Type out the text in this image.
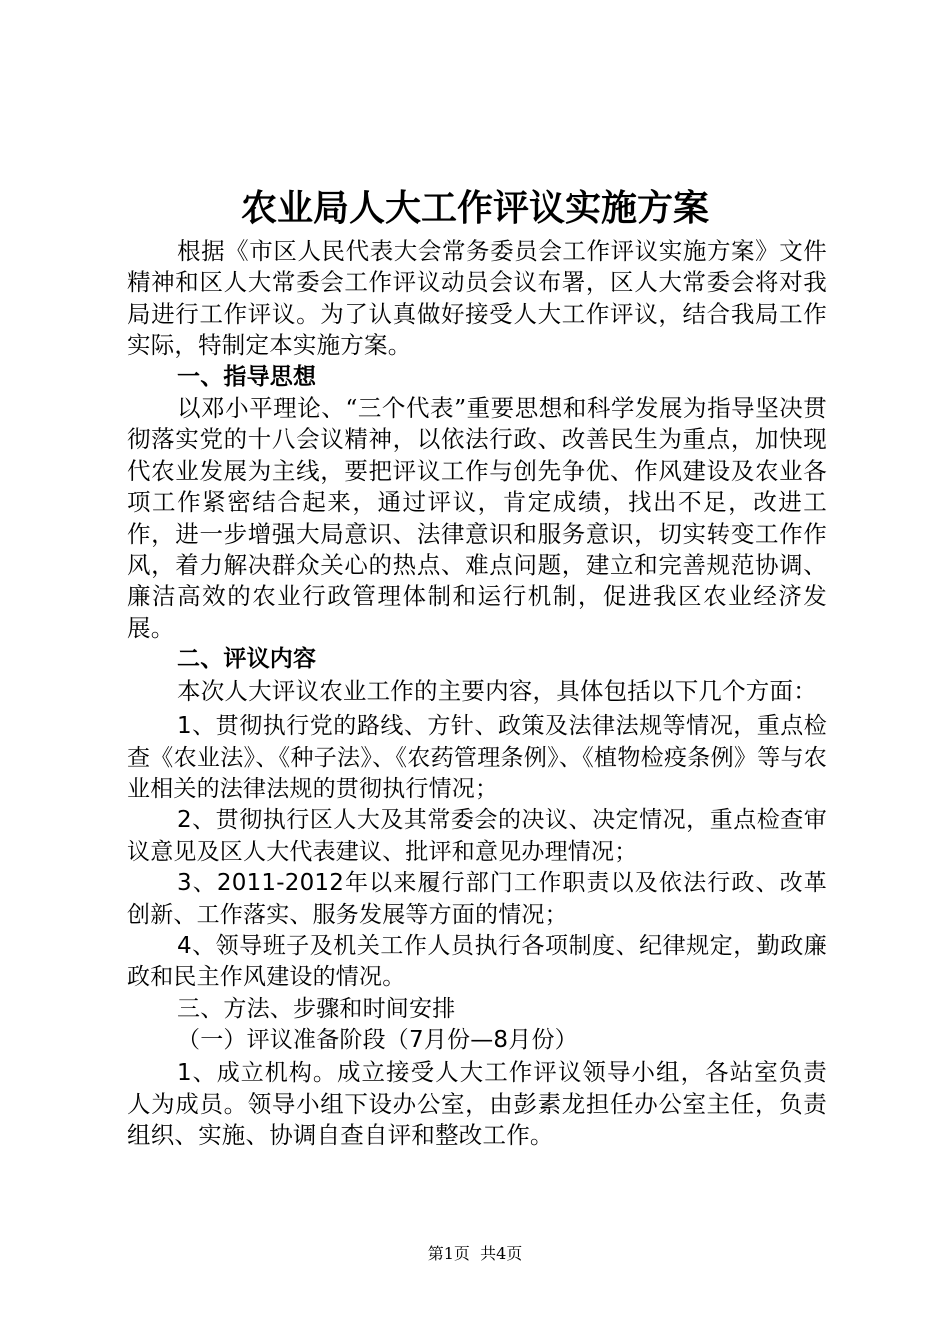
农业局人大工作评议实施方案

根据《市区人民代表大会常务委员会工作评议实施方案》文件精神和区人大常委会工作评议动员会议布署，区人大常委会将对我局进行工作评议。为了认真做好接受人大工作评议，结合我局工作实际，特制定本实施方案。

一、指导思想

以邓小平理论、“三个代表”重要思想和科学发展为指导坚决贯彻落实党的十八会议精神，以依法行政、改善民生为重点，加快现代农业发展为主线，要把评议工作与创先争优、作风建设及农业各项工作紧密结合起来，通过评议，肯定成绩，找出不足，改进工作，进一步增强大局意识、法律意识和服务意识，切实转变工作作风，着力解决群众关心的热点、难点问题，建立和完善规范协调、廉洁高效的农业行政管理体制和运行机制，促进我区农业经济发展。

二、评议内容

本次人大评议农业工作的主要内容，具体包括以下几个方面：

1、贯彻执行党的路线、方针、政策及法律法规等情况，重点检查《农业法》、《种子法》、《农药管理条例》、《植物检疫条例》等与农业相关的法律法规的贯彻执行情况；

2、贯彻执行区人大及其常委会的决议、决定情况，重点检查审议意见及区人大代表建议、批评和意见办理情况；

3、2011-2012年以来履行部门工作职责以及依法行政、改革创新、工作落实、服务发展等方面的情况；

4、领导班子及机关工作人员执行各项制度、纪律规定，勤政廉政和民主作风建设的情况。

三、方法、步骤和时间安排

（一）评议准备阶段（7月份—8月份）

1、成立机构。成立接受人大工作评议领导小组，各站室负责人为成员。领导小组下设办公室，由彭素龙担任办公室主任，负责组织、实施、协调自查自评和整改工作。

第1页  共4页
